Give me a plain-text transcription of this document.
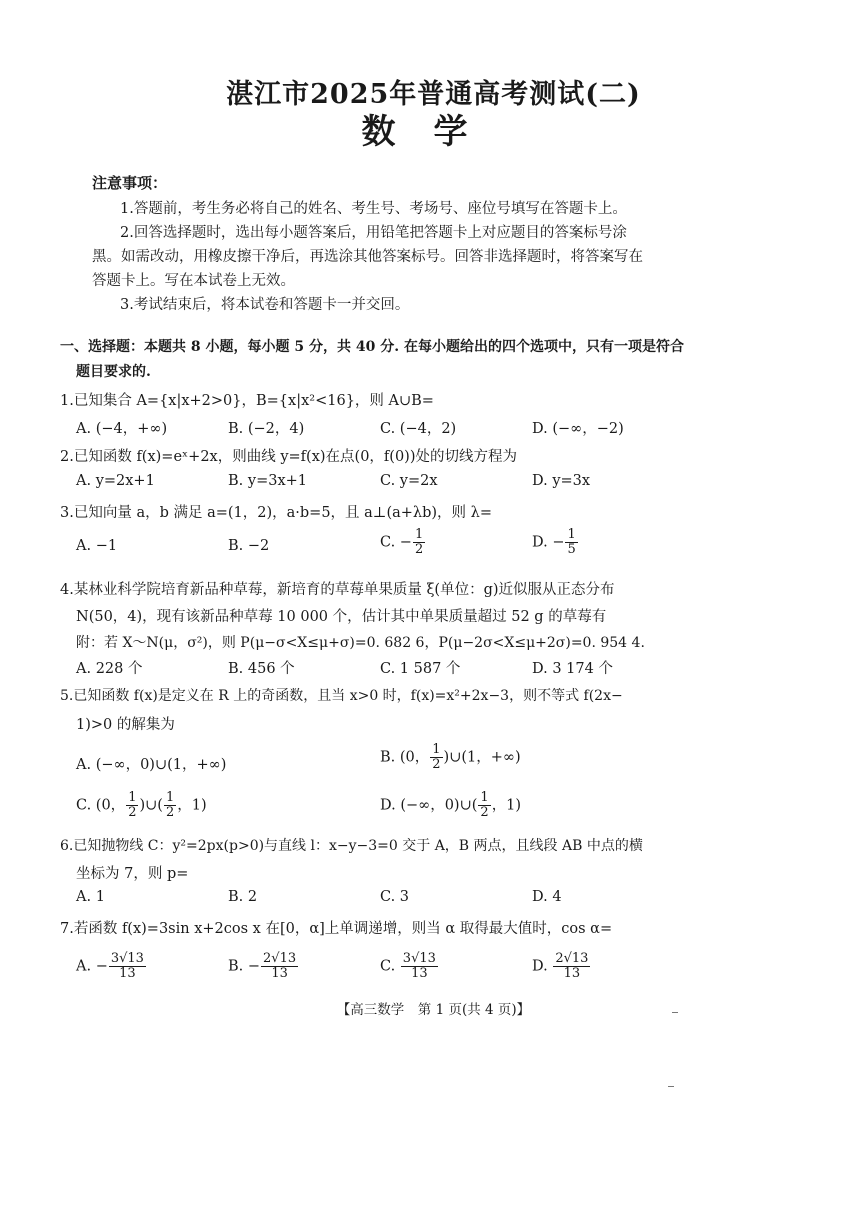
湛江市2025年普通高考测试(二)
数学
注意事项：
1.答题前，考生务必将自己的姓名、考生号、考场号、座位号填写在答题卡上。
2.回答选择题时，选出每小题答案后，用铅笔把答题卡上对应题目的答案标号涂
黑。如需改动，用橡皮擦干净后，再选涂其他答案标号。回答非选择题时，将答案写在
答题卡上。写在本试卷上无效。
3.考试结束后，将本试卷和答题卡一并交回。
一、选择题：本题共 8 小题，每小题 5 分，共 40 分. 在每小题给出的四个选项中，只有一项是符合
题目要求的.
1.已知集合 A={x|x+2>0}，B={x|x²<16}，则 A∪B=
A. (−4，+∞)	B. (−2，4)	C. (−4，2)	D. (−∞，−2)
2.已知函数 f(x)=eˣ+2x，则曲线 y=f(x)在点(0，f(0))处的切线方程为
A. y=2x+1	B. y=3x+1	C. y=2x	D. y=3x
3.已知向量 a，b 满足 a=(1，2)，a·b=5，且 a⊥(a+λb)，则 λ=
A. −1	B. −2	C. − $\frac{1}{2}$	D. − $\frac{1}{5}$
4.某林业科学院培育新品种草莓，新培育的草莓单果质量 ξ(单位：g)近似服从正态分布
N(50，4)，现有该新品种草莓 10 000 个，估计其中单果质量超过 52 g 的草莓有
附：若 X～N(μ，σ²)，则 P(μ−σ<X≤μ+σ)=0. 682 6，P(μ−2σ<X≤μ+2σ)=0. 954 4.
A. 228 个	B. 456 个	C. 1 587 个	D. 3 174 个
5.已知函数 f(x)是定义在 R 上的奇函数，且当 x>0 时，f(x)=x²+2x−3，则不等式 f(2x−
1)>0 的解集为
A. (−∞，0)∪(1，+∞)	B. (0， $\frac{1}{2}$ )∪(1，+∞)
C. (0， $\frac{1}{2}$ )∪( $\frac{1}{2}$ ，1)	D. (−∞，0)∪( $\frac{1}{2}$ ，1)
6.已知抛物线 C：y²=2px(p>0)与直线 l：x−y−3=0 交于 A，B 两点，且线段 AB 中点的横
坐标为 7，则 p=
A. 1	B. 2	C. 3	D. 4
7.若函数 f(x)=3sin x+2cos x 在[0，α]上单调递增，则当 α 取得最大值时，cos α=
A. − $\frac{3√13}{13}$	B. − $\frac{2√13}{13}$	C. $\frac{3√13}{13}$	D. $\frac{2√13}{13}$
【高三数学　第 1 页(共 4 页)】
